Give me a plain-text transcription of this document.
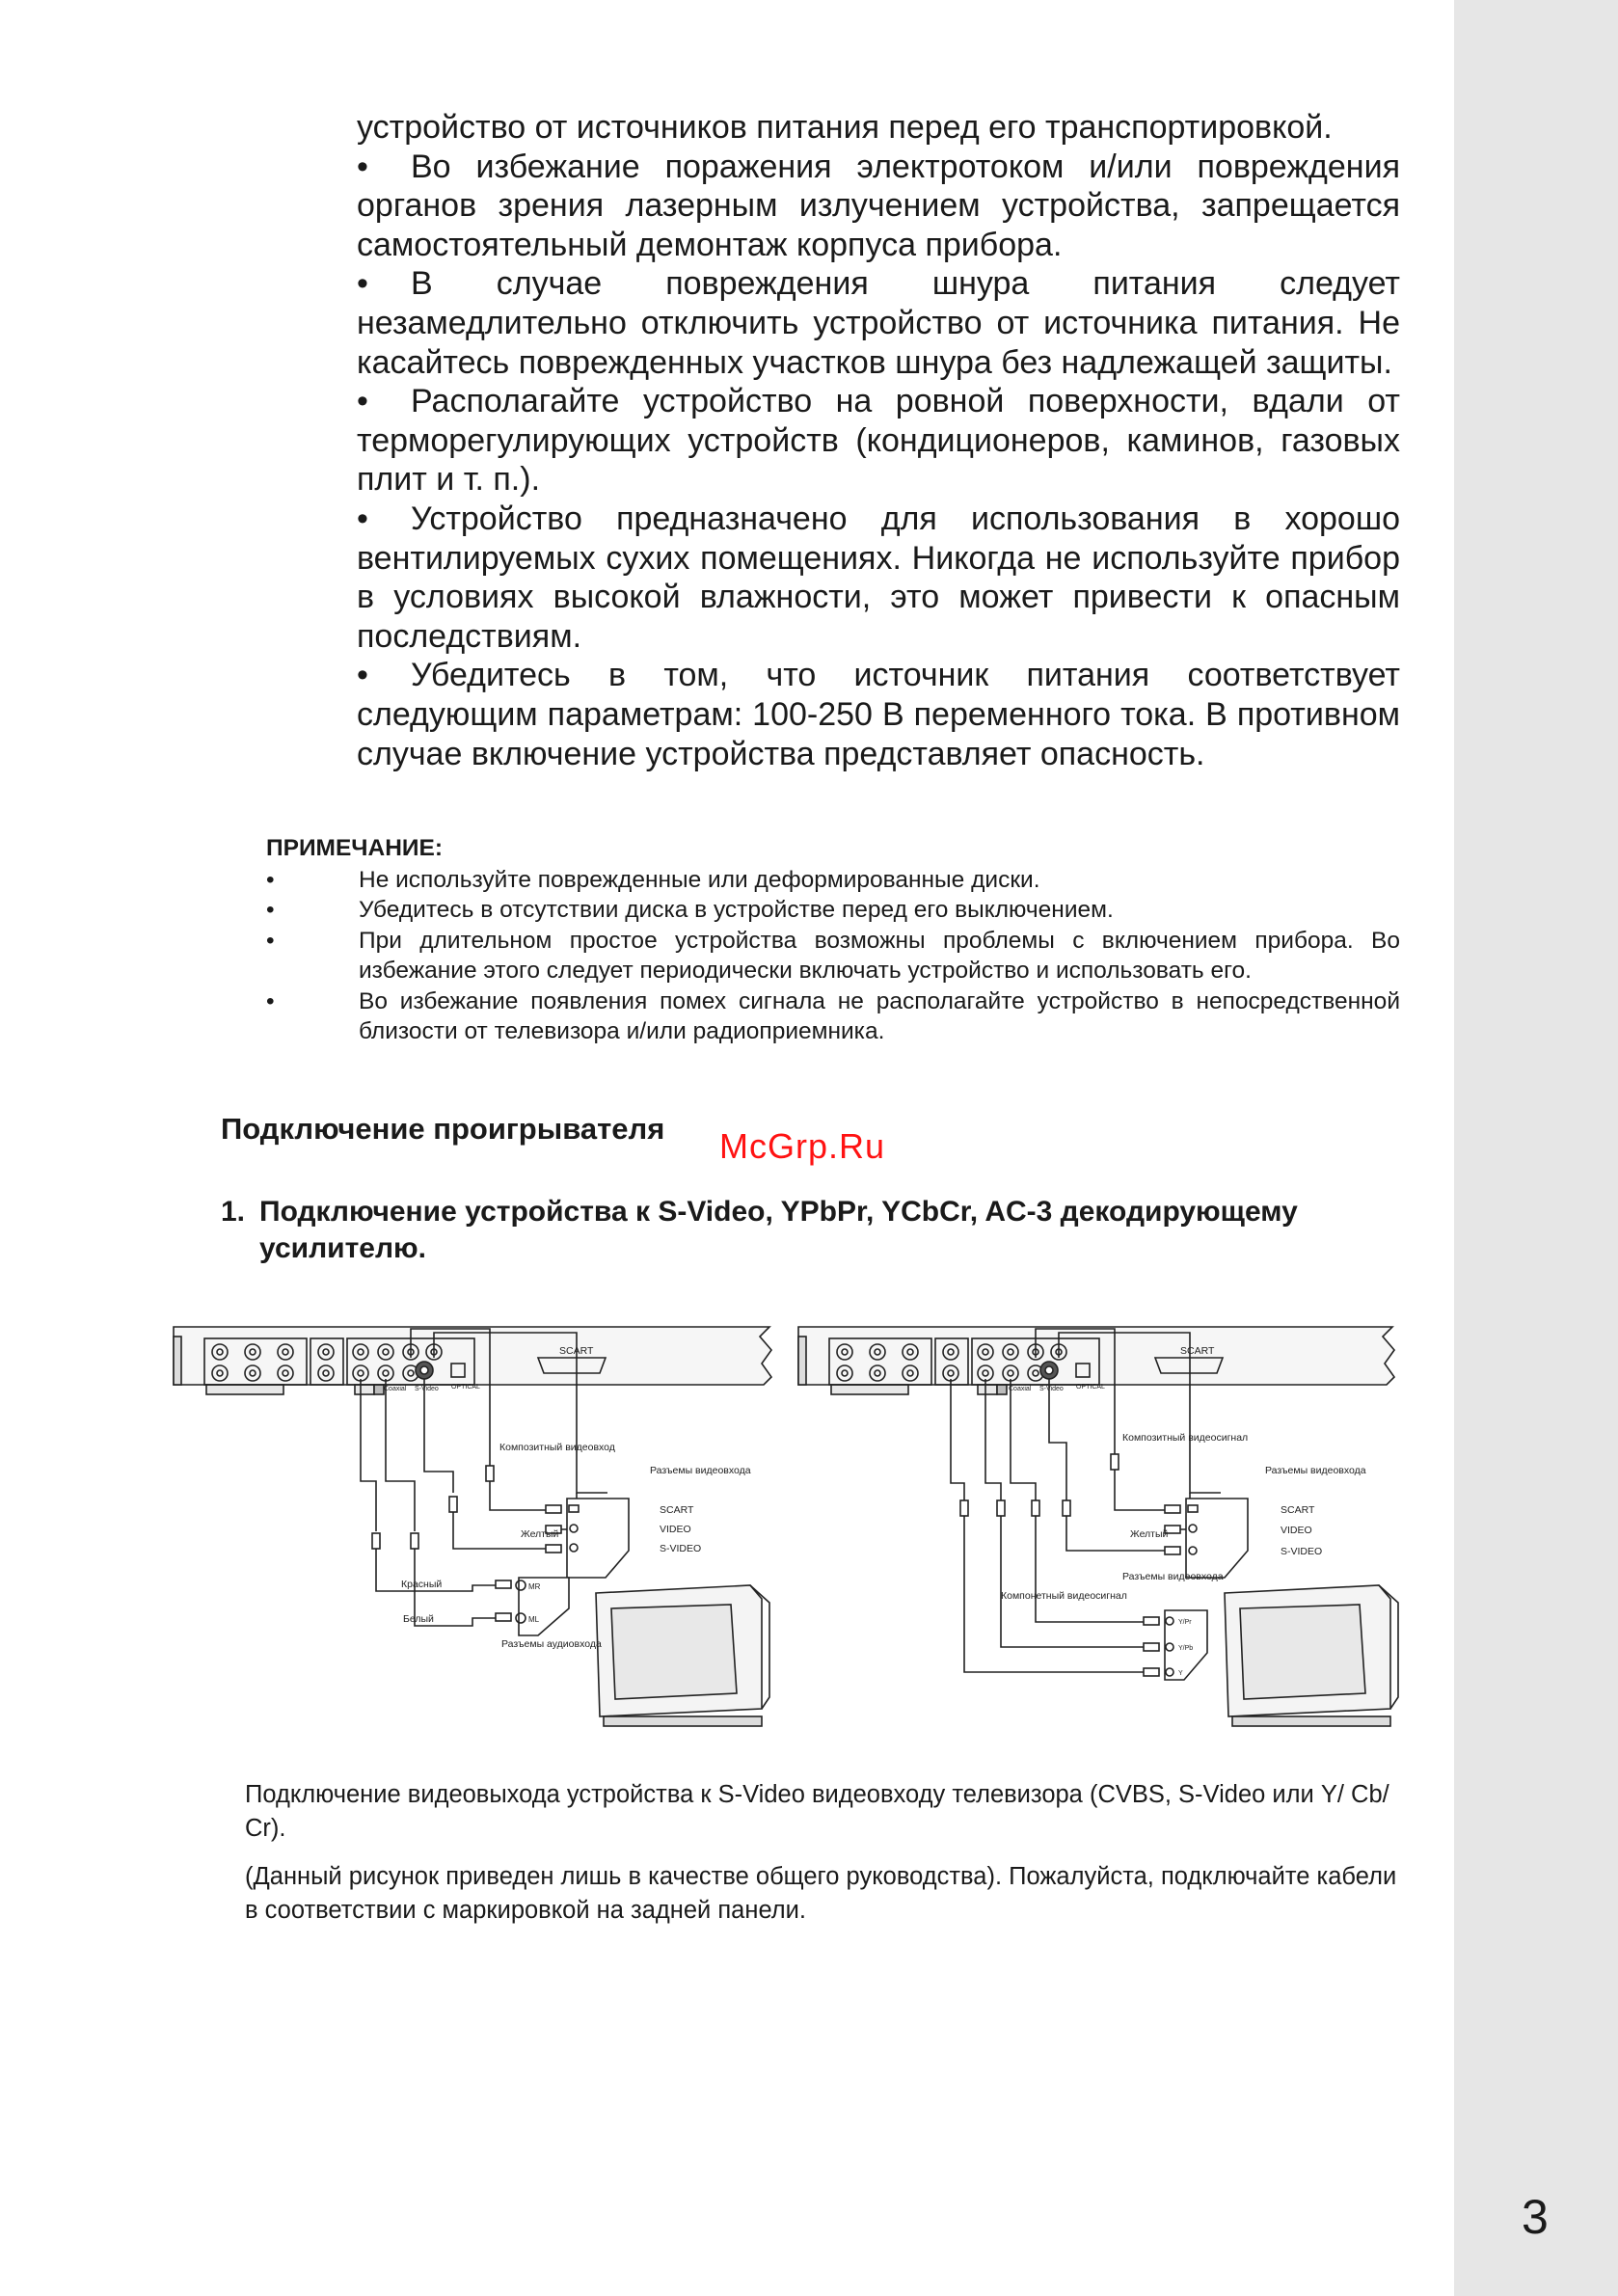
3

устройство от источников питания перед его транспортировкой.

• Во избежание поражения электротоком и/или повреждения органов зрения лазерным излучением устройства, запрещается самостоятельный демонтаж корпуса прибора.

• В случае повреждения шнура питания следует незамедлительно отключить устройство от источника питания. Не касайтесь поврежденных участков шнура без надлежащей защиты.

• Располагайте устройство на ровной поверхности, вдали от терморегулирующих устройств (кондиционеров, каминов, газовых плит и т. п.).

• Устройство предназначено для использования в хорошо вентилируемых сухих помещениях. Никогда не используйте прибор в условиях высокой влажности, это может привести к опасным последствиям.

• Убедитесь в том, что источник питания соответствует следующим параметрам: 100-250 В переменного тока. В противном случае включение устройства представляет опасность.

ПРИМЕЧАНИЕ:
•	Не используйте поврежденные или деформированные диски.
•	Убедитесь в отсутствии диска в устройстве перед его выключением.
•	При длительном простое устройства возможны проблемы с включением прибора. Во избежание этого следует периодически включать устройство и использовать его.
•	Во избежание появления помех сигнала не располагайте устройство в непосредственной близости от телевизора и/или радиоприемника.
Подключение проигрывателя McGrp.Ru
1. Подключение устройства к S-Video, YPbPr, YCbCr, AC-3 декодирующему
усилителю.
SCART
OPTICAL
Coaxial S-Video
Композитный видеовход
Разъемы видеовхода
SCART
VIDEO
S-VIDEO
Желтый
Красный
Белый
MR
ML
Разъемы аудиовхода
SCART
OPTICAL
Coaxial S-Video
Композитный видеосигнал
Разъемы видеовхода
SCART
VIDEO
S-VIDEO
Желтый
Компонетный видеосигнал
Разъемы видеовхода
Y/Pr
Y/Pb
Y

Подключение видеовыхода устройства к S-Video видеовходу телевизора (CVBS, S-Video или Y/ Cb/ Cr).

(Данный рисунок приведен лишь в качестве общего руководства). Пожалуйста, подключайте кабели в соответствии с маркировкой на задней панели.
